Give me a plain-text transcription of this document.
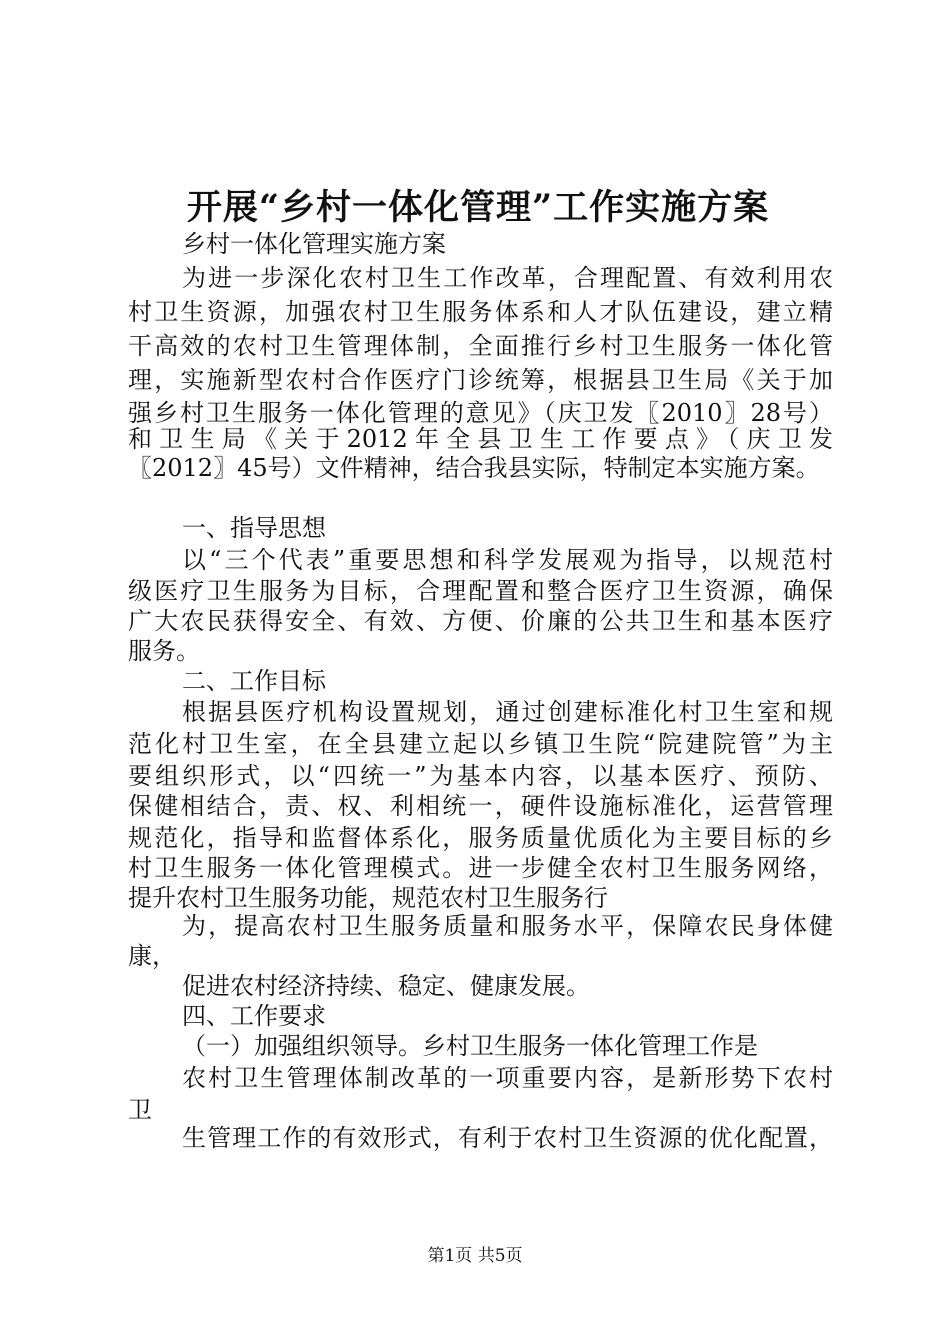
开展“乡村一体化管理”工作实施方案
乡村一体化管理实施方案
为进一步深化农村卫生工作改革，合理配置、有效利用农
村卫生资源，加强农村卫生服务体系和人才队伍建设，建立精
干高效的农村卫生管理体制，全面推行乡村卫生服务一体化管
理，实施新型农村合作医疗门诊统筹，根据县卫生局《关于加
强乡村卫生服务一体化管理的意见》（庆卫发〖2010〗28号）
和卫生局《关于2012年全县卫生工作要点》（庆卫发
〖2012〗45号）文件精神，结合我县实际，特制定本实施方案。
一、指导思想
以“三个代表”重要思想和科学发展观为指导，以规范村
级医疗卫生服务为目标，合理配置和整合医疗卫生资源，确保
广大农民获得安全、有效、方便、价廉的公共卫生和基本医疗
服务。
二、工作目标
根据县医疗机构设置规划，通过创建标准化村卫生室和规
范化村卫生室，在全县建立起以乡镇卫生院“院建院管”为主
要组织形式，以“四统一”为基本内容，以基本医疗、预防、
保健相结合，责、权、利相统一，硬件设施标准化，运营管理
规范化，指导和监督体系化，服务质量优质化为主要目标的乡
村卫生服务一体化管理模式。进一步健全农村卫生服务网络，
提升农村卫生服务功能，规范农村卫生服务行
为，提高农村卫生服务质量和服务水平，保障农民身体健
康，
促进农村经济持续、稳定、健康发展。
四、工作要求
（一）加强组织领导。乡村卫生服务一体化管理工作是
农村卫生管理体制改革的一项重要内容，是新形势下农村
卫
生管理工作的有效形式，有利于农村卫生资源的优化配置，
第1页 共5页
